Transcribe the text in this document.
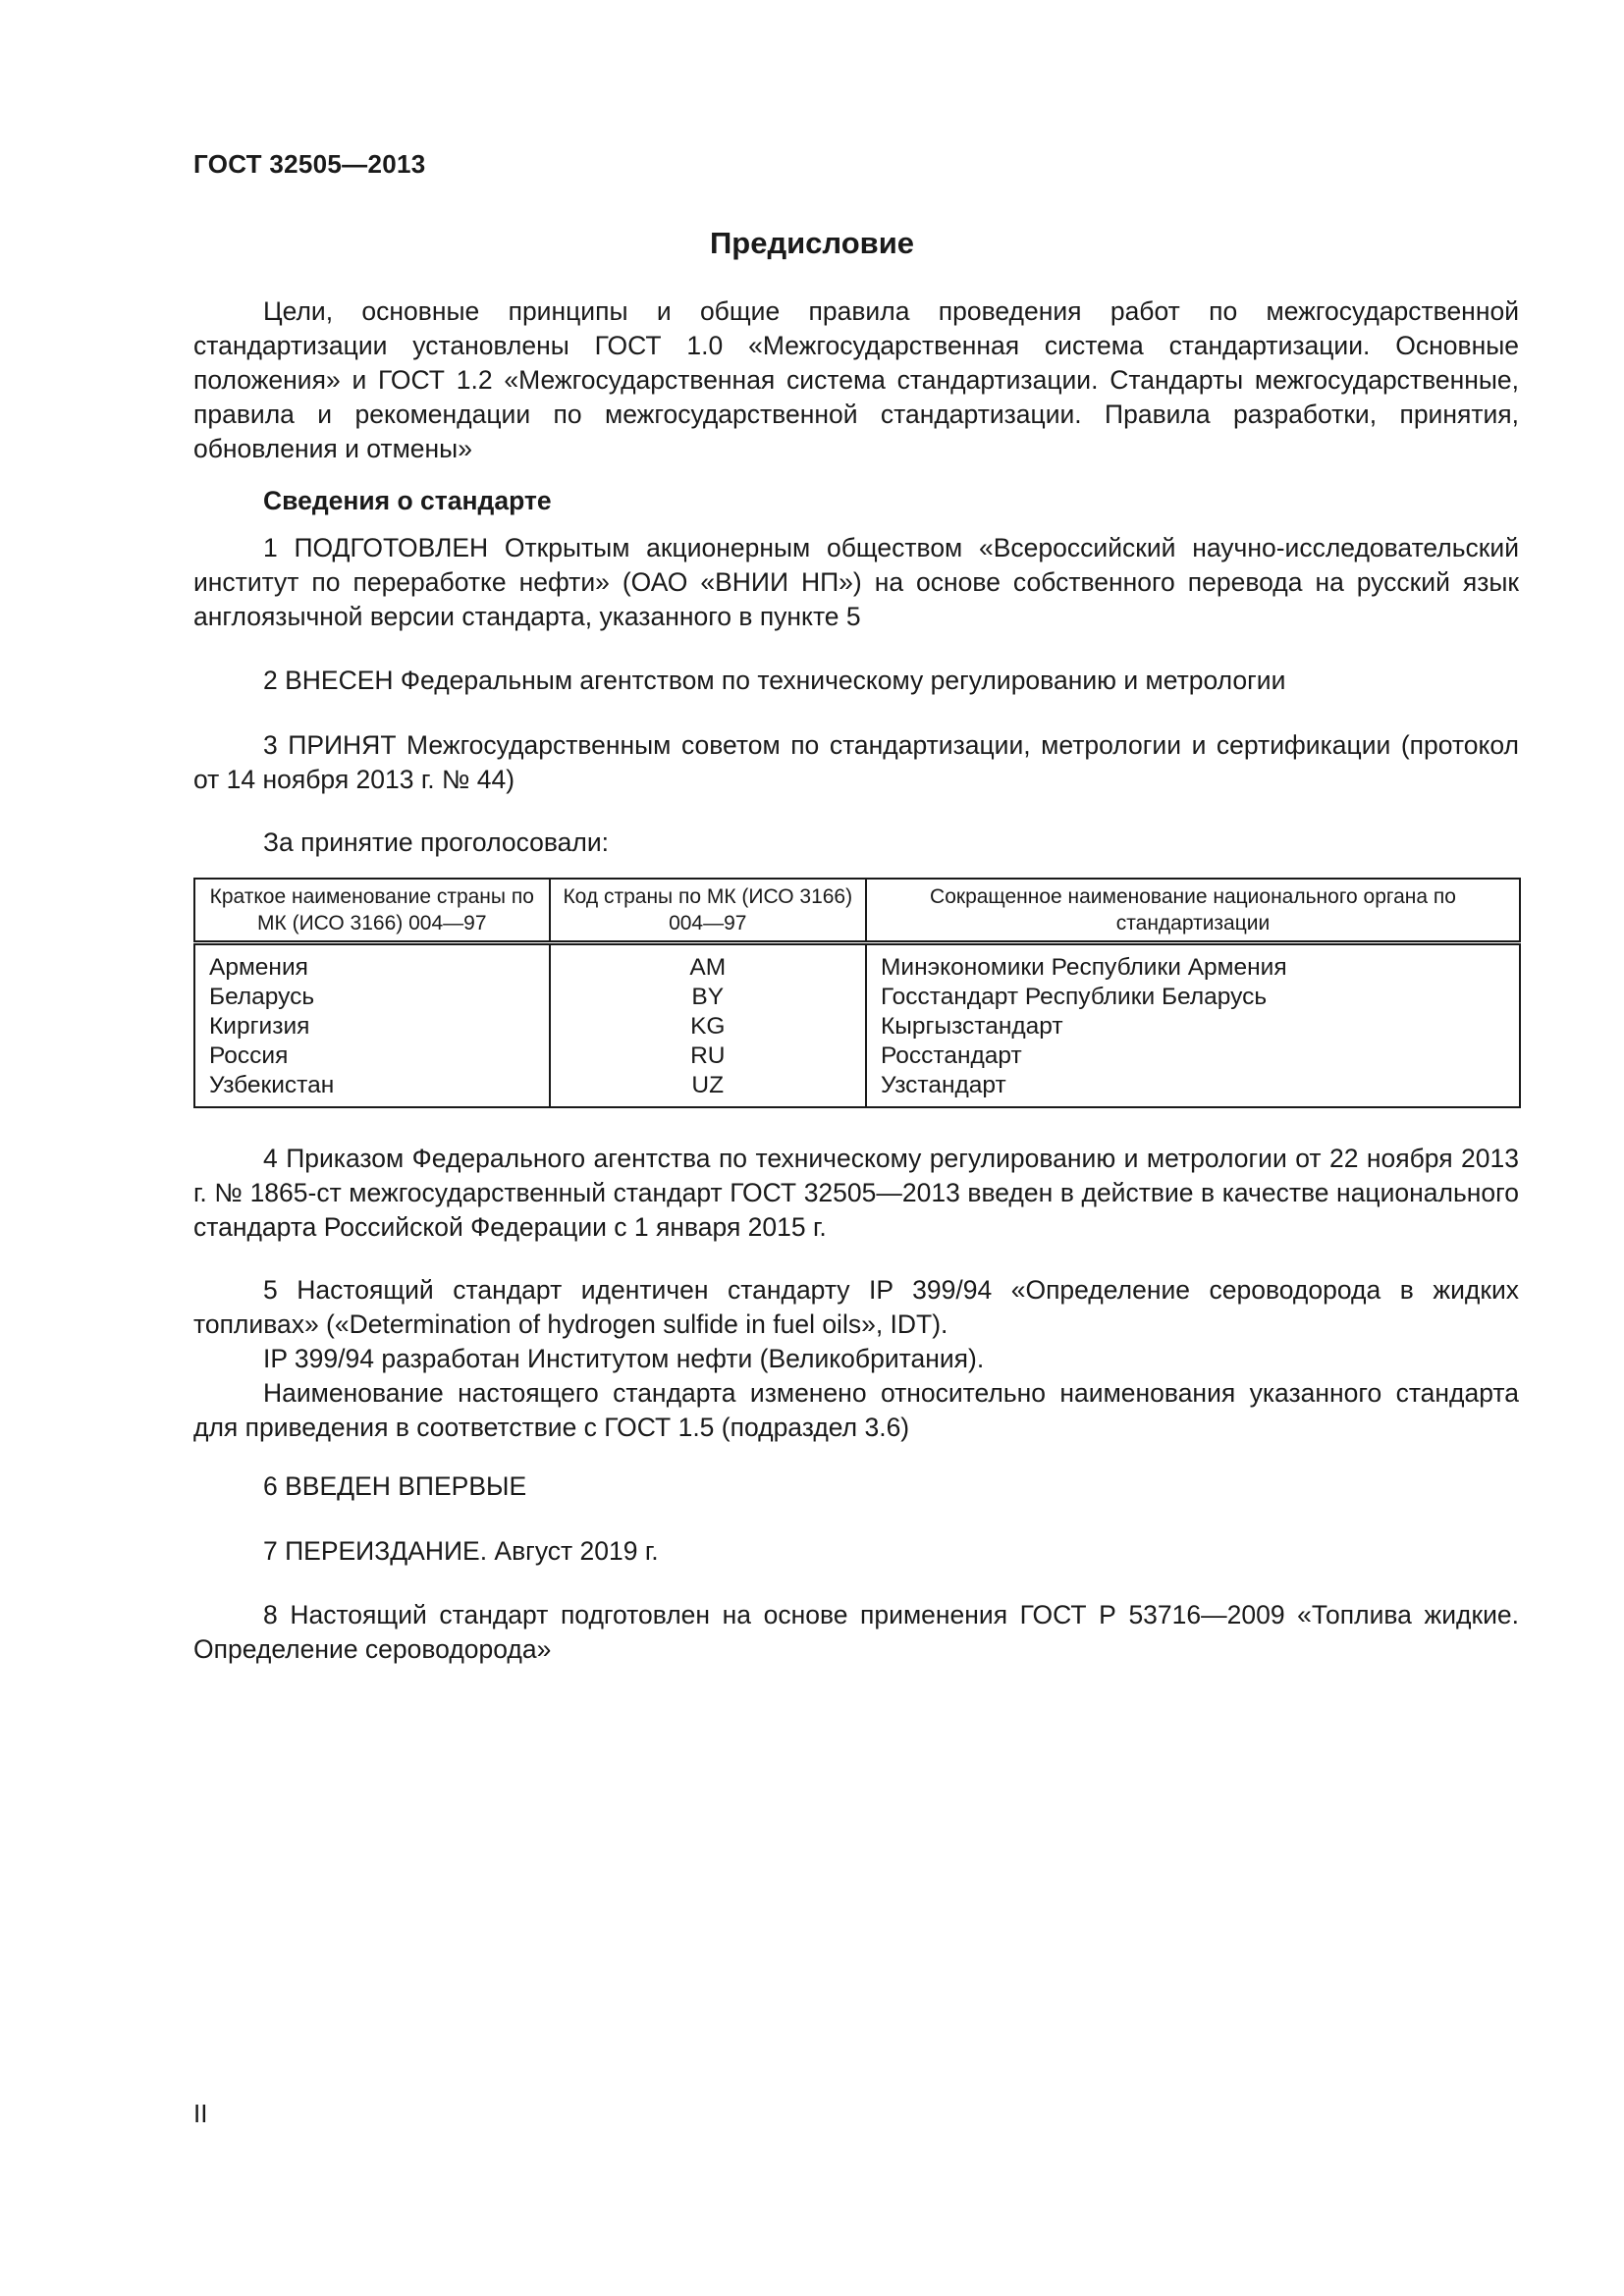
ГОСТ 32505—2013
Предисловие

Цели, основные принципы и общие правила проведения работ по межгосударственной стандартизации установлены ГОСТ 1.0 «Межгосударственная система стандартизации. Основные положения» и ГОСТ 1.2 «Межгосударственная система стандартизации. Стандарты межгосударственные, правила и рекомендации по межгосударственной стандартизации. Правила разработки, принятия, обновления и отмены»

Сведения о стандарте

1 ПОДГОТОВЛЕН Открытым акционерным обществом «Всероссийский научно-исследовательский институт по переработке нефти» (ОАО «ВНИИ НП») на основе собственного перевода на русский язык англоязычной версии стандарта, указанного в пункте 5

2 ВНЕСЕН Федеральным агентством по техническому регулированию и метрологии

3 ПРИНЯТ Межгосударственным советом по стандартизации, метрологии и сертификации (протокол от 14 ноября 2013 г. № 44)

За принятие проголосовали:

Краткое наименование страны по МК (ИСО 3166) 004—97	Код страны по МК (ИСО 3166) 004—97	Сокращенное наименование национального органа по стандартизации
Армения	AM	Минэкономики Республики Армения
Беларусь	BY	Госстандарт Республики Беларусь
Киргизия	KG	Кыргызстандарт
Россия	RU	Росстандарт
Узбекистан	UZ	Узстандарт

4 Приказом Федерального агентства по техническому регулированию и метрологии от 22 ноября 2013 г. № 1865-ст межгосударственный стандарт ГОСТ 32505—2013 введен в действие в качестве национального стандарта Российской Федерации с 1 января 2015 г.

5 Настоящий стандарт идентичен стандарту IP 399/94 «Определение сероводорода в жидких топливах» («Determination of hydrogen sulfide in fuel oils», IDT).

IP 399/94 разработан Институтом нефти (Великобритания).

Наименование настоящего стандарта изменено относительно наименования указанного стандарта для приведения в соответствие с ГОСТ 1.5 (подраздел 3.6)

6 ВВЕДЕН ВПЕРВЫЕ

7 ПЕРЕИЗДАНИЕ. Август 2019 г.

8 Настоящий стандарт подготовлен на основе применения ГОСТ Р 53716—2009 «Топлива жидкие. Определение сероводорода»

II
